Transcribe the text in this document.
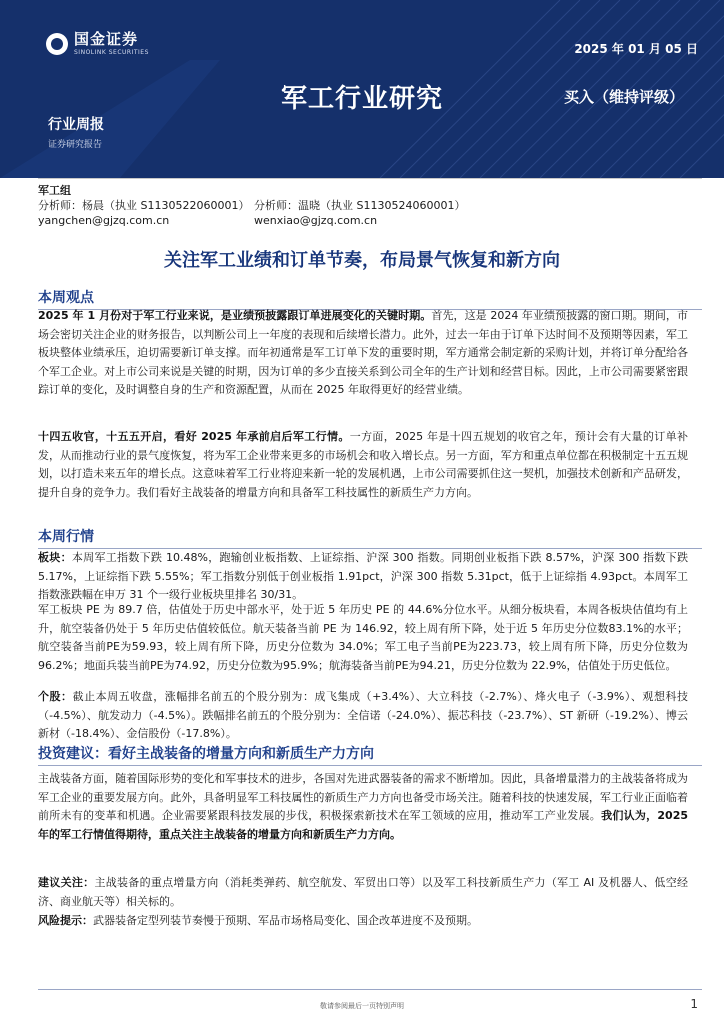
国金证券
SINOLINK SECURITIES	2025 年 01 月 05 日
军工行业研究	买入（维持评级）
行业周报
证券研究报告
军工组
分析师：杨晨（执业 S1130522060001） 分析师：温晓（执业 S1130524060001）
yangchen@gjzq.com.cn	wenxiao@gjzq.com.cn
关注军工业绩和订单节奏，布局景气恢复和新方向
本周观点
2025 年 1 月份对于军工行业来说，是业绩预披露跟订单进展变化的关键时期。首先，这是 2024 年业绩预披露的窗口期。期间，市场会密切关注企业的财务报告，以判断公司上一年度的表现和后续增长潜力。此外，过去一年由于订单下达时间不及预期等因素，军工板块整体业绩承压，迫切需要新订单支撑。而年初通常是军工订单下发的重要时期，军方通常会制定新的采购计划，并将订单分配给各个军工企业。对上市公司来说是关键的时期，因为订单的多少直接关系到公司全年的生产计划和经营目标。因此，上市公司需要紧密跟踪订单的变化，及时调整自身的生产和资源配置，从而在 2025 年取得更好的经营业绩。
十四五收官，十五五开启，看好 2025 年承前启后军工行情。一方面，2025 年是十四五规划的收官之年，预计会有大量的订单补发，从而推动行业的景气度恢复，将为军工企业带来更多的市场机会和收入增长点。另一方面，军方和重点单位都在积极制定十五五规划，以打造未来五年的增长点。这意味着军工行业将迎来新一轮的发展机遇，上市公司需要抓住这一契机，加强技术创新和产品研发，提升自身的竞争力。我们看好主战装备的增量方向和具备军工科技属性的新质生产力方向。
本周行情
板块：本周军工指数下跌 10.48%，跑输创业板指数、上证综指、沪深 300 指数。同期创业板指下跌 8.57%，沪深 300 指数下跌 5.17%，上证综指下跌 5.55%；军工指数分别低于创业板指 1.91pct，沪深 300 指数 5.31pct，低于上证综指 4.93pct。本周军工指数涨跌幅在申万 31 个一级行业板块里排名 30/31。
军工板块 PE 为 89.7 倍，估值处于历史中部水平，处于近 5 年历史 PE 的 44.6%分位水平。从细分板块看，本周各板块估值均有上升，航空装备仍处于 5 年历史估值较低位。航天装备当前 PE 为 146.92，较上周有所下降，处于近 5 年历史分位数83.1%的水平；航空装备当前PE为59.93，较上周有所下降，历史分位数为 34.0%；军工电子当前PE为223.73，较上周有所下降，历史分位数为96.2%；地面兵装当前PE为74.92，历史分位数为95.9%；航海装备当前PE为94.21，历史分位数为 22.9%，估值处于历史低位。
个股：截止本周五收盘，涨幅排名前五的个股分别为：成飞集成（+3.4%）、大立科技（-2.7%）、烽火电子（-3.9%）、观想科技（-4.5%）、航发动力（-4.5%）。跌幅排名前五的个股分别为：全信诺（-24.0%）、振芯科技（-23.7%）、ST 新研（-19.2%）、博云新材（-18.4%）、金信股份（-17.8%）。
投资建议：看好主战装备的增量方向和新质生产力方向
主战装备方面，随着国际形势的变化和军事技术的进步，各国对先进武器装备的需求不断增加。因此，具备增量潜力的主战装备将成为军工企业的重要发展方向。此外，具备明显军工科技属性的新质生产力方向也备受市场关注。随着科技的快速发展，军工行业正面临着前所未有的变革和机遇。企业需要紧跟科技发展的步伐，积极探索新技术在军工领域的应用，推动军工产业发展。我们认为，2025 年的军工行情值得期待，重点关注主战装备的增量方向和新质生产力方向。
建议关注：主战装备的重点增量方向（消耗类弹药、航空航发、军贸出口等）以及军工科技新质生产力（军工 AI 及机器人、低空经济、商业航天等）相关标的。
风险提示：武器装备定型列装节奏慢于预期、军品市场格局变化、国企改革进度不及预期。
敬请参阅最后一页特别声明	1
